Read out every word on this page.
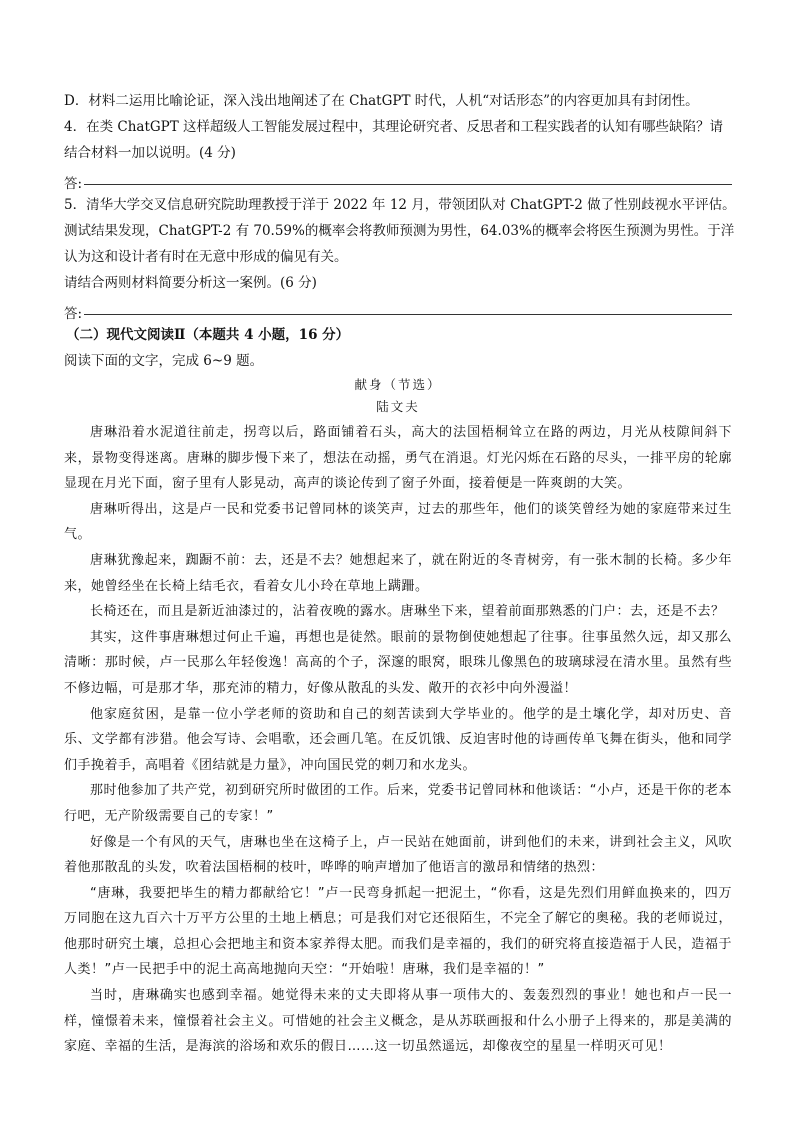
D．材料二运用比喻论证，深入浅出地阐述了在 ChatGPT 时代，人机“对话形态”的内容更加具有封闭性。

4．在类 ChatGPT 这样超级人工智能发展过程中，其理论研究者、反思者和工程实践者的认知有哪些缺陷？请

结合材料一加以说明。(4 分)

答:

5．清华大学交叉信息研究院助理教授于洋于 2022 年 12 月，带领团队对 ChatGPT-2 做了性别歧视水平评估。

测试结果发现，ChatGPT-2 有 70.59%的概率会将教师预测为男性，64.03%的概率会将医生预测为男性。于洋

认为这和设计者有时在无意中形成的偏见有关。

请结合两则材料简要分析这一案例。(6 分)

答:

（二）现代文阅读Ⅱ（本题共 4 小题，16 分）

阅读下面的文字，完成 6~9 题。

献身（节选）

陆文夫

唐琳沿着水泥道往前走，拐弯以后，路面铺着石头，高大的法国梧桐耸立在路的两边，月光从枝隙间斜下来，景物变得迷离。唐琳的脚步慢下来了，想法在动摇，勇气在消退。灯光闪烁在石路的尽头，一排平房的轮廓显现在月光下面，窗子里有人影晃动，高声的谈论传到了窗子外面，接着便是一阵爽朗的大笑。

唐琳听得出，这是卢一民和党委书记曾同林的谈笑声，过去的那些年，他们的谈笑曾经为她的家庭带来过生气。

唐琳犹豫起来，踟蹰不前：去，还是不去？她想起来了，就在附近的冬青树旁，有一张木制的长椅。多少年来，她曾经坐在长椅上结毛衣，看着女儿小玲在草地上蹒跚。

长椅还在，而且是新近油漆过的，沾着夜晚的露水。唐琳坐下来，望着前面那熟悉的门户：去，还是不去？

其实，这件事唐琳想过何止千遍，再想也是徒然。眼前的景物倒使她想起了往事。往事虽然久远，却又那么清晰：那时候，卢一民那么年轻俊逸！高高的个子，深邃的眼窝，眼珠儿像黑色的玻璃球浸在清水里。虽然有些不修边幅，可是那才华，那充沛的精力，好像从散乱的头发、敞开的衣衫中向外漫溢！

他家庭贫困，是靠一位小学老师的资助和自己的刻苦读到大学毕业的。他学的是土壤化学，却对历史、音乐、文学都有涉猎。他会写诗、会唱歌，还会画几笔。在反饥饿、反迫害时他的诗画传单飞舞在街头，他和同学们手挽着手，高唱着《团结就是力量》，冲向国民党的刺刀和水龙头。

那时他参加了共产党，初到研究所时做团的工作。后来，党委书记曾同林和他谈话：“小卢，还是干你的老本行吧，无产阶级需要自己的专家！”

好像是一个有风的天气，唐琳也坐在这椅子上，卢一民站在她面前，讲到他们的未来，讲到社会主义，风吹着他那散乱的头发，吹着法国梧桐的枝叶，哗哗的响声增加了他语言的激昂和情绪的热烈：

“唐琳，我要把毕生的精力都献给它！”卢一民弯身抓起一把泥土，“你看，这是先烈们用鲜血换来的，四万万同胞在这九百六十万平方公里的土地上栖息；可是我们对它还很陌生，不完全了解它的奥秘。我的老师说过，他那时研究土壤，总担心会把地主和资本家养得太肥。而我们是幸福的，我们的研究将直接造福于人民，造福于人类！”卢一民把手中的泥土高高地抛向天空：“开始啦！唐琳，我们是幸福的！”

当时，唐琳确实也感到幸福。她觉得未来的丈夫即将从事一项伟大的、轰轰烈烈的事业！她也和卢一民一样，憧憬着未来，憧憬着社会主义。可惜她的社会主义概念，是从苏联画报和什么小册子上得来的，那是美满的家庭、幸福的生活，是海滨的浴场和欢乐的假日……这一切虽然遥远，却像夜空的星星一样明灭可见！
